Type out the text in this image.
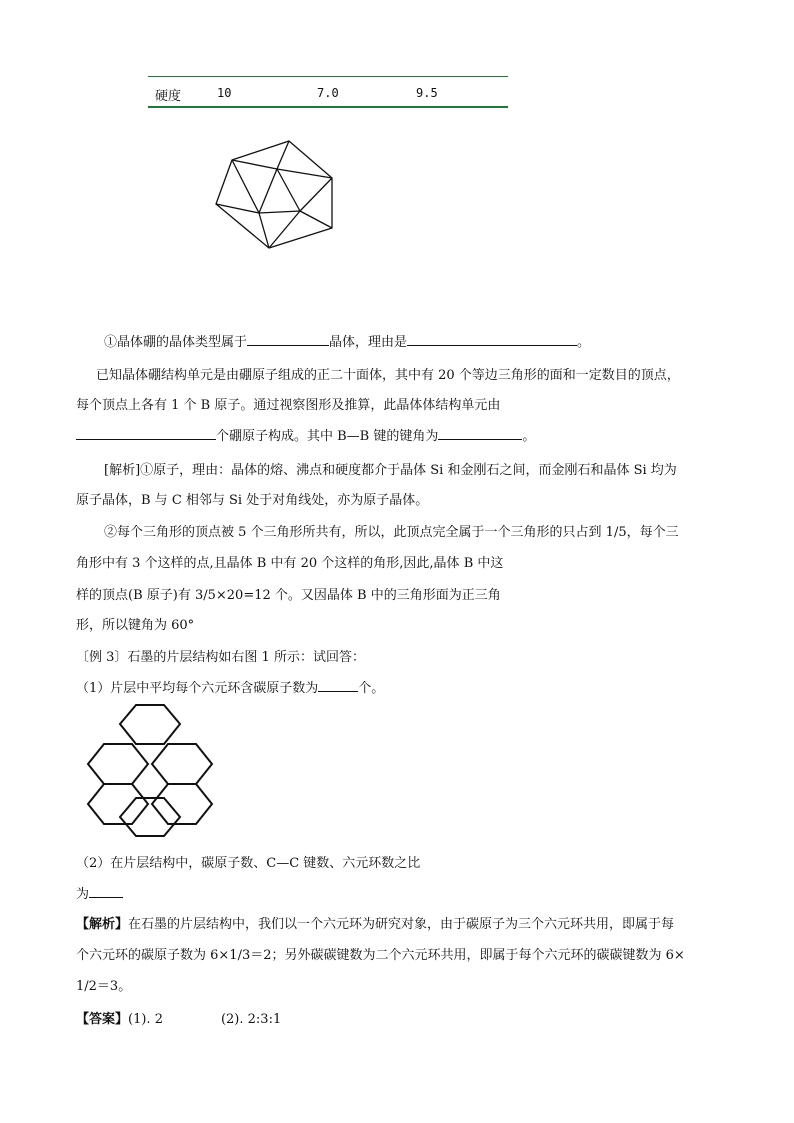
硬度	10	7.0	9.5
①晶体硼的晶体类型属于	晶体，理由是	。
已知晶体硼结构单元是由硼原子组成的正二十面体，其中有 20 个等边三角形的面和一定数目的顶点，
每个顶点上各有 1 个 B 原子。通过视察图形及推算，此晶体体结构单元由
个硼原子构成。其中 B—B 键的键角为	。
[解析]①原子，理由：晶体的熔、沸点和硬度都介于晶体 Si 和金刚石之间，而金刚石和晶体 Si 均为
原子晶体，B 与 C 相邻与 Si 处于对角线处，亦为原子晶体。
②每个三角形的顶点被 5 个三角形所共有，所以，此顶点完全属于一个三角形的只占到 1/5，每个三
角形中有 3 个这样的点,且晶体 B 中有 20 个这样的角形,因此,晶体 B 中这
样的顶点(B 原子)有 3/5×20=12 个。又因晶体 B 中的三角形面为正三角
形，所以键角为 60°
〔例 3〕石墨的片层结构如右图 1 所示：试回答：
（1）片层中平均每个六元环含碳原子数为	个。
（2）在片层结构中，碳原子数、C—C 键数、六元环数之比
为
【解析】在石墨的片层结构中，我们以一个六元环为研究对象，由于碳原子为三个六元环共用，即属于每
个六元环的碳原子数为 6×1/3＝2；另外碳碳键数为二个六元环共用，即属于每个六元环的碳碳键数为 6×
1/2＝3。
【答案】(1). 2	(2). 2:3:1
